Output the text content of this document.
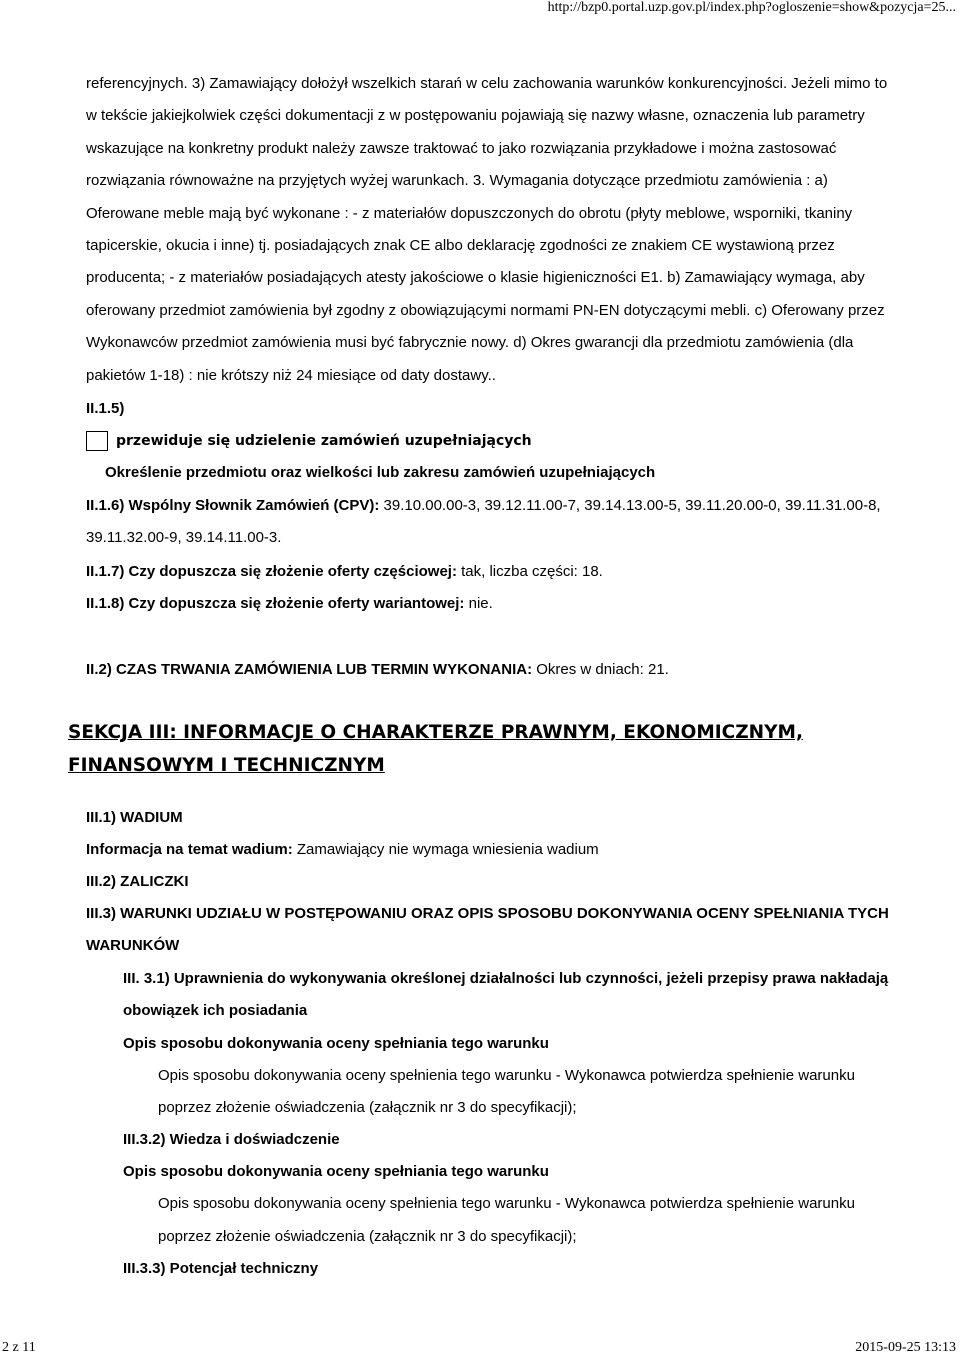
http://bzp0.portal.uzp.gov.pl/index.php?ogloszenie=show&pozycja=25...

referencyjnych. 3) Zamawiający dołożył wszelkich starań w celu zachowania warunków konkurencyjności. Jeżeli mimo to w tekście jakiejkolwiek części dokumentacji z w postępowaniu pojawiają się nazwy własne, oznaczenia lub parametry wskazujące na konkretny produkt należy zawsze traktować to jako rozwiązania przykładowe i można zastosować rozwiązania równoważne na przyjętych wyżej warunkach. 3. Wymagania dotyczące przedmiotu zamówienia : a) Oferowane meble mają być wykonane : - z materiałów dopuszczonych do obrotu (płyty meblowe, wsporniki, tkaniny tapicerskie, okucia i inne) tj. posiadających znak CE albo deklarację zgodności ze znakiem CE wystawioną przez producenta; - z materiałów posiadających atesty jakościowe o klasie higieniczności E1. b) Zamawiający wymaga, aby oferowany przedmiot zamówienia był zgodny z obowiązującymi normami PN-EN dotyczącymi mebli. c) Oferowany przez Wykonawców przedmiot zamówienia musi być fabrycznie nowy. d) Okres gwarancji dla przedmiotu zamówienia (dla pakietów 1-18) : nie krótszy niż 24 miesiące od daty dostawy..

II.1.5)

przewiduje się udzielenie zamówień uzupełniających

Określenie przedmiotu oraz wielkości lub zakresu zamówień uzupełniających

II.1.6) Wspólny Słownik Zamówień (CPV): 39.10.00.00-3, 39.12.11.00-7, 39.14.13.00-5, 39.11.20.00-0, 39.11.31.00-8, 39.11.32.00-9, 39.14.11.00-3.

II.1.7) Czy dopuszcza się złożenie oferty częściowej: tak, liczba części: 18.

II.1.8) Czy dopuszcza się złożenie oferty wariantowej: nie.

II.2) CZAS TRWANIA ZAMÓWIENIA LUB TERMIN WYKONANIA: Okres w dniach: 21.

SEKCJA III: INFORMACJE O CHARAKTERZE PRAWNYM, EKONOMICZNYM, FINANSOWYM I TECHNICZNYM

III.1) WADIUM

Informacja na temat wadium: Zamawiający nie wymaga wniesienia wadium

III.2) ZALICZKI

III.3) WARUNKI UDZIAŁU W POSTĘPOWANIU ORAZ OPIS SPOSOBU DOKONYWANIA OCENY SPEŁNIANIA TYCH WARUNKÓW

III. 3.1) Uprawnienia do wykonywania określonej działalności lub czynności, jeżeli przepisy prawa nakładają obowiązek ich posiadania

Opis sposobu dokonywania oceny spełniania tego warunku

Opis sposobu dokonywania oceny spełnienia tego warunku - Wykonawca potwierdza spełnienie warunku poprzez złożenie oświadczenia (załącznik nr 3 do specyfikacji);

III.3.2) Wiedza i doświadczenie

Opis sposobu dokonywania oceny spełniania tego warunku

Opis sposobu dokonywania oceny spełnienia tego warunku - Wykonawca potwierdza spełnienie warunku poprzez złożenie oświadczenia (załącznik nr 3 do specyfikacji);

III.3.3) Potencjał techniczny

2 z 11	2015-09-25 13:13
